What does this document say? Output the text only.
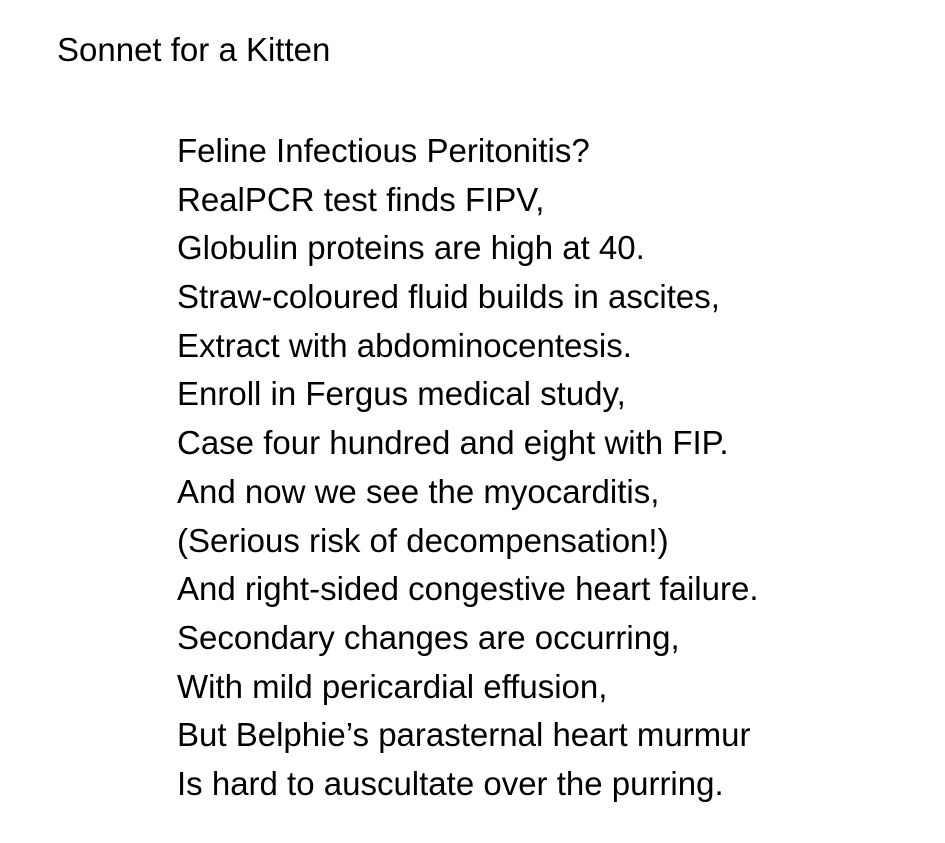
Sonnet for a Kitten
Feline Infectious Peritonitis?
RealPCR test finds FIPV,
Globulin proteins are high at 40.
Straw-coloured fluid builds in ascites,
Extract with abdominocentesis.
Enroll in Fergus medical study,
Case four hundred and eight with FIP.
And now we see the myocarditis,
(Serious risk of decompensation!)
And right-sided congestive heart failure.
Secondary changes are occurring,
With mild pericardial effusion,
But Belphie’s parasternal heart murmur
Is hard to auscultate over the purring.
